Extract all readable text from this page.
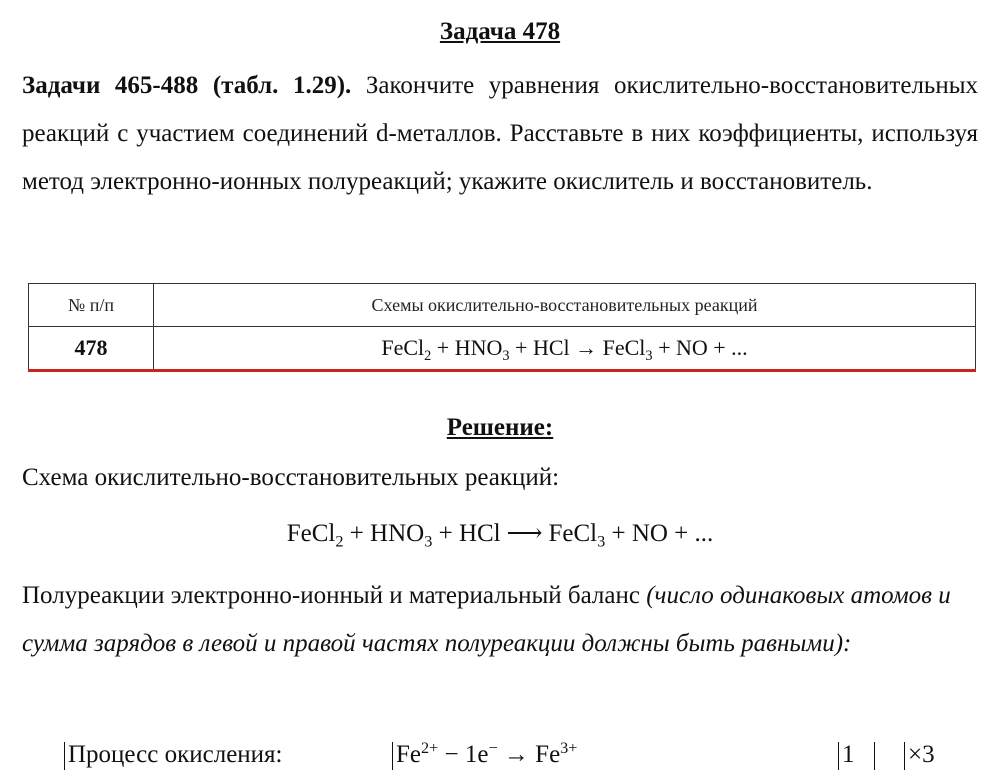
Задача 478
Задачи 465-488 (табл. 1.29). Закончите уравнения окислительно-восстановительных реакций с участием соединений d-металлов. Расставьте в них коэффициенты, используя метод электронно-ионных полуреакций; укажите окислитель и восстановитель.
№ п/п	Схемы окислительно-восстановительных реакций
478	FeCl$_2$ + $HNO_3$ + HCl → FeCl$_3$ + NO + ...
Решение:
Схема окислительно-восстановительных реакций:
FeCl$_2$ + $HNO_3$ + HCl ⟶ FeCl$_3$ + NO + ...
Полуреакции электронно-ионный и материальный баланс (число одинаковых атомов и сумма зарядов в левой и правой частях полуреакции должны быть равными):
Процесс окисления:	$Fe^{2+} - 1e^- \to Fe^{3+}$	1 ×3
